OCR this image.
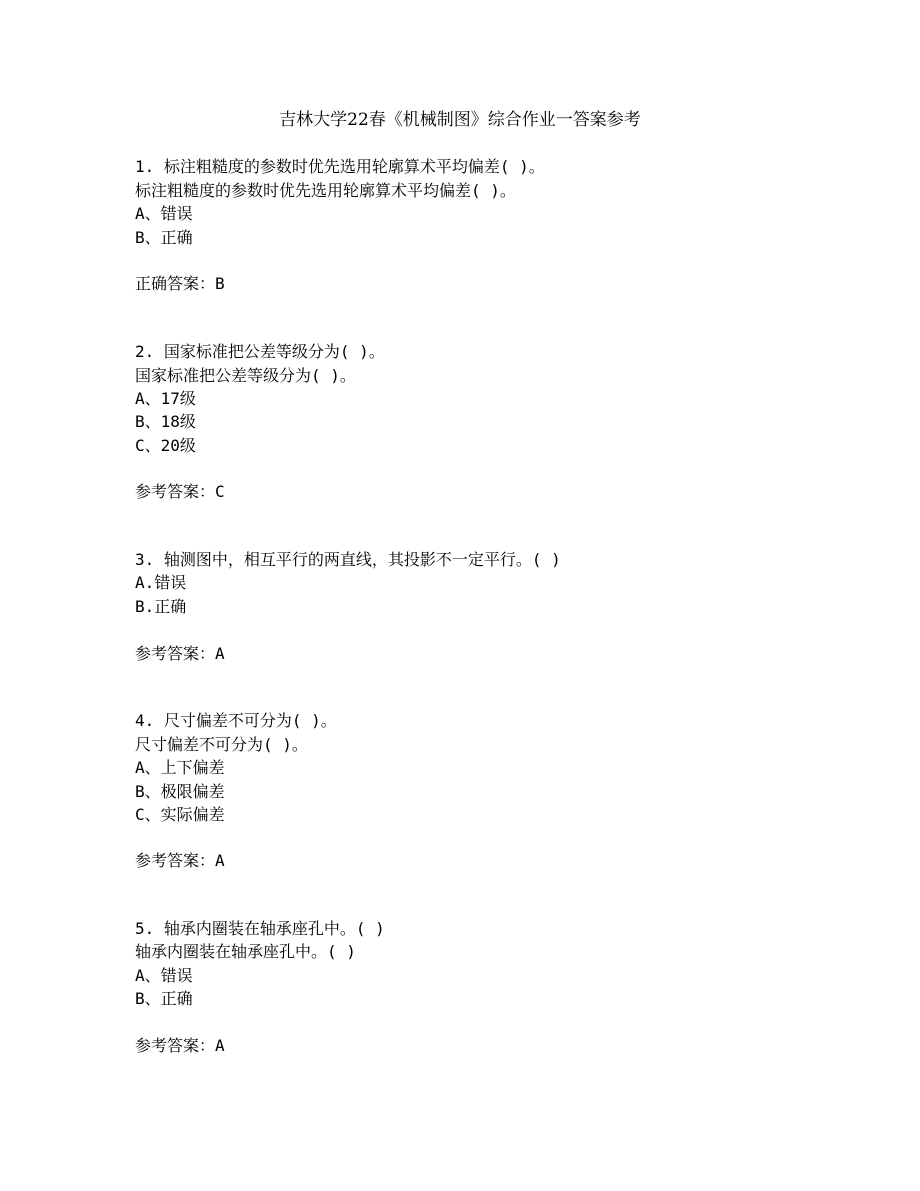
吉林大学22春《机械制图》综合作业一答案参考
1. 标注粗糙度的参数时优先选用轮廓算术平均偏差( )。
标注粗糙度的参数时优先选用轮廓算术平均偏差( )。
A、错误
B、正确
正确答案：B
2. 国家标准把公差等级分为( )。
国家标准把公差等级分为( )。
A、17级
B、18级
C、20级
参考答案：C
3. 轴测图中，相互平行的两直线，其投影不一定平行。( )
A.错误
B.正确
参考答案：A
4. 尺寸偏差不可分为( )。
尺寸偏差不可分为( )。
A、上下偏差
B、极限偏差
C、实际偏差
参考答案：A
5. 轴承内圈装在轴承座孔中。( )
轴承内圈装在轴承座孔中。( )
A、错误
B、正确
参考答案：A
